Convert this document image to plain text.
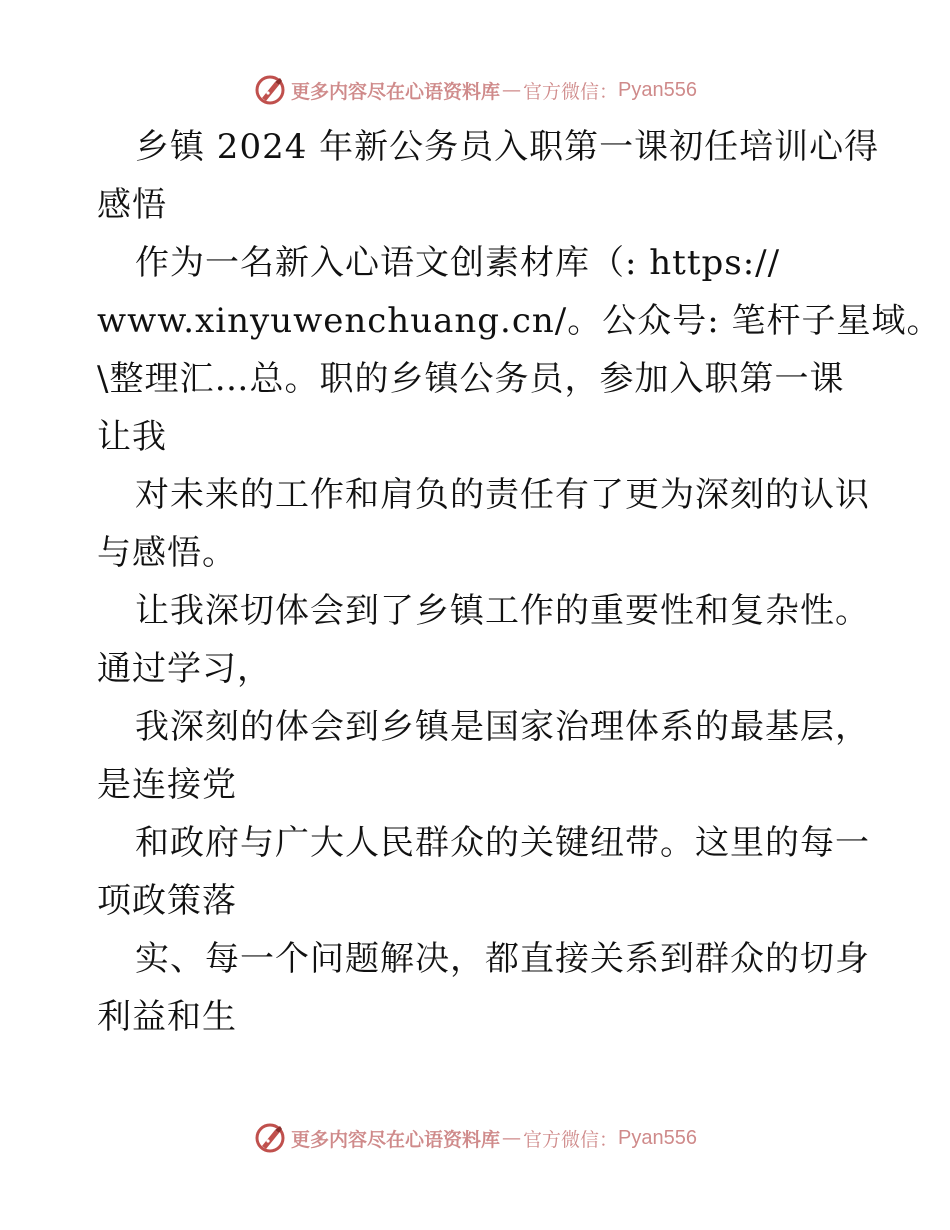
更多内容尽在心语资料库 — 官方微信： Pyan556
乡镇 2024 年新公务员入职第一课初任培训心得
感悟
作为一名新入心语文创素材库（: https://
www.xinyuwenchuang.cn/。公众号: 笔杆子星域。
\整理汇…总。职的乡镇公务员，参加入职第一课
让我
对未来的工作和肩负的责任有了更为深刻的认识
与感悟。
让我深切体会到了乡镇工作的重要性和复杂性。
通过学习，
我深刻的体会到乡镇是国家治理体系的最基层，
是连接党
和政府与广大人民群众的关键纽带。这里的每一
项政策落
实、每一个问题解决，都直接关系到群众的切身
利益和生
更多内容尽在心语资料库 — 官方微信： Pyan556
